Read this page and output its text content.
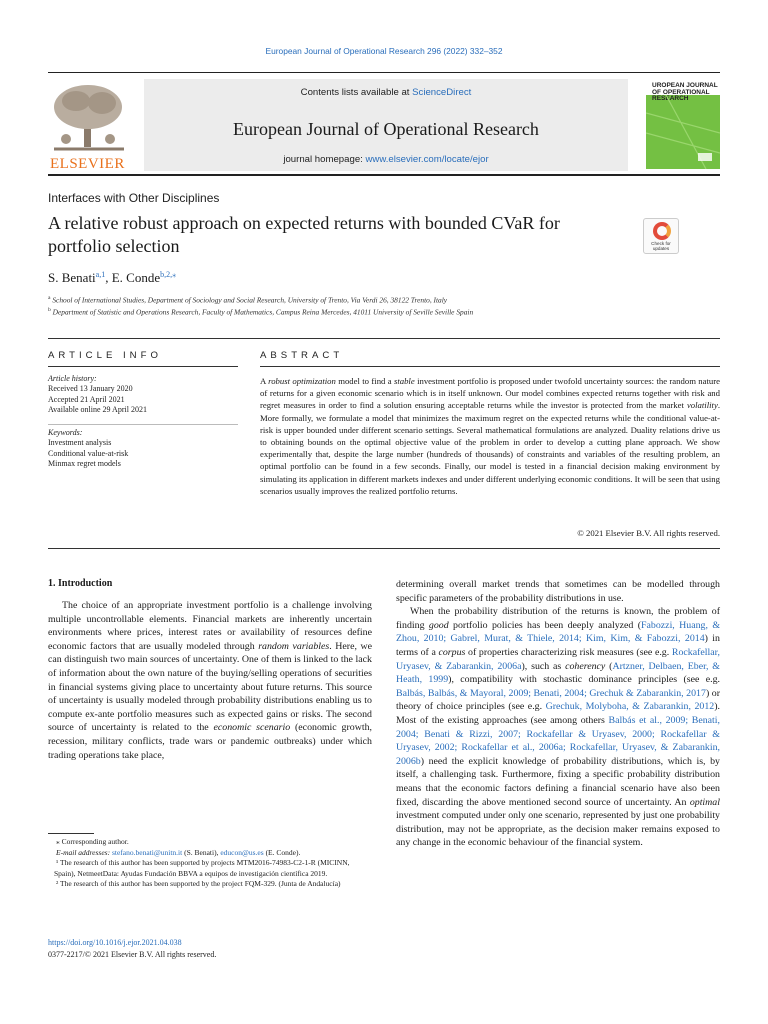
European Journal of Operational Research 296 (2022) 332–352
ELSEVIER
Contents lists available at ScienceDirect
European Journal of Operational Research
journal homepage: www.elsevier.com/locate/ejor
UROPEAN JOURNAL OF OPERATIONAL RESEARCH
Interfaces with Other Disciplines
A relative robust approach on expected returns with bounded CVaR for portfolio selection	Check for updates
S. Benati$^{a,1}$, E. Conde$^{b,2,⁎}$
$^a$ School of International Studies, Department of Sociology and Social Research, University of Trento, Via Verdi 26, 38122 Trento, Italy
$^b$ Department of Statistic and Operations Research, Faculty of Mathematics, Campus Reina Mercedes, 41011 University of Seville Seville Spain
ARTICLE INFO	ABSTRACT
Article history:
Received 13 January 2020
Accepted 21 April 2021
Available online 29 April 2021
Keywords:
Investment analysis
Conditional value-at-risk
Minmax regret models
A robust optimization model to find a stable investment portfolio is proposed under twofold uncertainty sources: the random nature of returns for a given economic scenario which is in itself unknown. Our model combines expected returns together with risk and regret measures in order to find a solution ensuring acceptable returns while the investor is protected from the market volatility. More formally, we formulate a model that minimizes the maximum regret on the expected returns while the conditional value-at-risk is upper bounded under different scenario settings. Several mathematical formulations are analyzed. Duality relations drive us to obtaining bounds on the optimal objective value of the problem in order to develop a cutting plane approach. We show experimentally that, despite the large number (hundreds of thousands) of constraints and variables of the resulting problem, an optimal portfolio can be found in a few seconds. Finally, our model is tested in a financial decision making environment by simulating its application in different markets indexes and under different underlying economic conditions. It will be seen that using scenarios usually improves the realized portfolio returns.
© 2021 Elsevier B.V. All rights reserved.
1. Introduction

The choice of an appropriate investment portfolio is a challenge involving multiple uncontrollable elements. Financial markets are inherently uncertain environments where prices, interest rates or availability of resources define economic factors that are usually modeled through random variables. Here, we can distinguish two main sources of uncertainty. One of them is linked to the lack of information about the own nature of the buying/selling operations of securities in financial systems giving place to uncertainty about future returns. This source of uncertainty is usually modeled through probability distributions enabling us to compute ex-ante portfolio measures such as expected gains or risks. The second source of uncertainty is related to the economic scenario (economic growth, recession, military conflicts, trade wars or pandemic outbreaks) under which trading operations take place,

determining overall market trends that sometimes can be modelled through specific parameters of the probability distributions in use.

When the probability distribution of the returns is known, the problem of finding good portfolio policies has been deeply analyzed (Fabozzi, Huang, & Zhou, 2010; Gabrel, Murat, & Thiele, 2014; Kim, Kim, & Fabozzi, 2014) in terms of a corpus of properties characterizing risk measures (see e.g. Rockafellar, Uryasev, & Zabarankin, 2006a), such as coherency (Artzner, Delbaen, Eber, & Heath, 1999), compatibility with stochastic dominance principles (see e.g. Balbás, Balbás, & Mayoral, 2009; Benati, 2004; Grechuk & Zabarankin, 2017) or theory of choice principles (see e.g. Grechuk, Molyboha, & Zabarankin, 2012). Most of the existing approaches (see among others Balbás et al., 2009; Benati, 2004; Benati & Rizzi, 2007; Rockafellar & Uryasev, 2000; Rockafellar & Uryasev, 2002; Rockafellar et al., 2006a; Rockafellar, Uryasev, & Zabarankin, 2006b) need the explicit knowledge of probability distributions, which is, by itself, a challenging task. Furthermore, fixing a specific probability distribution means that the economic factors defining a financial scenario have also been fixed, discarding the above mentioned second source of uncertainty. An optimal investment computed under only one scenario, represented by just one probability distribution, may not be appropriate, as the decision maker remains exposed to any change in the economic behaviour of the financial system.

⁎ Corresponding author.
E-mail addresses: stefano.benati@unitn.it (S. Benati), educon@us.es (E. Conde).
¹ The research of this author has been supported by projects MTM2016-74983-C2-1-R (MICINN, Spain), NetmeetData: Ayudas Fundación BBVA a equipos de investigación científica 2019.
² The research of this author has been supported by the project FQM-329. (Junta de Andalucía)
https://doi.org/10.1016/j.ejor.2021.04.038
0377-2217/© 2021 Elsevier B.V. All rights reserved.
